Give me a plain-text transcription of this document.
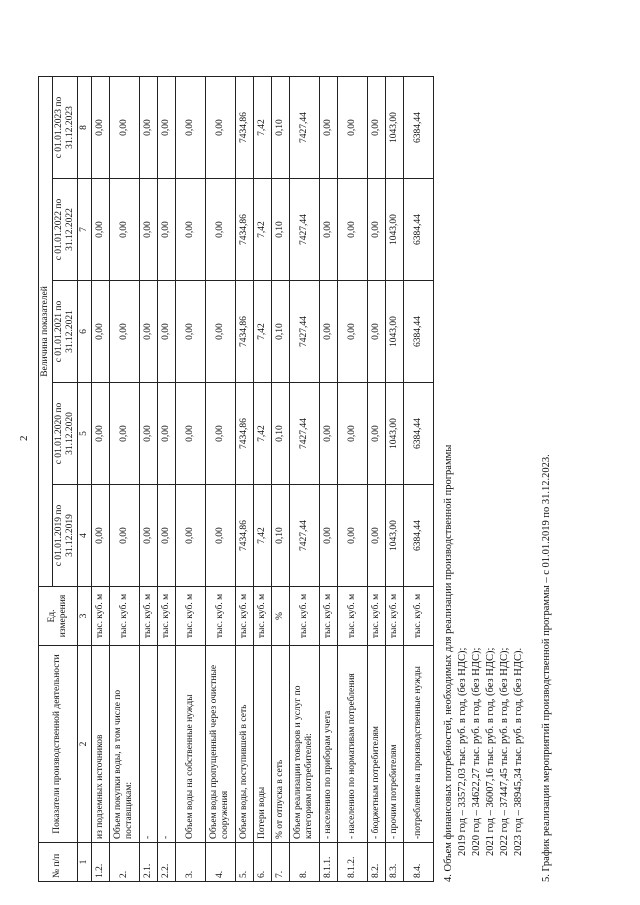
2
№ п/п	Показатели производственной деятельности	Ед. измерения	Величина показателей				
			с 01.01.2019 по 31.12.2019	с 01.01.2020 по 31.12.2020	с 01.01.2021 по 31.12.2021	с 01.01.2022 по 31.12.2022	с 01.01.2023 по 31.12.2023
1	2	3	4	5	6	7	8
1.2.	из подземных источников	тыс. куб. м	0,00	0,00	0,00	0,00	0,00
2.	Объем покупки воды, в том числе по поставщикам:	тыс. куб. м	0,00	0,00	0,00	0,00	0,00
2.1.	-	тыс. куб. м	0,00	0,00	0,00	0,00	0,00
2.2.	-	тыс. куб. м	0,00	0,00	0,00	0,00	0,00
3.	Объем воды на собственные нужды	тыс. куб. м	0,00	0,00	0,00	0,00	0,00
4.	Объем воды пропущенный через очистные сооружения	тыс. куб. м	0,00	0,00	0,00	0,00	0,00
5.	Объем воды, поступившей в сеть	тыс. куб. м	7434,86	7434,86	7434,86	7434,86	7434,86
6.	Потери воды	тыс. куб. м	7,42	7,42	7,42	7,42	7,42
7.	% от отпуска в сеть	%	0,10	0,10	0,10	0,10	0,10
8.	Объем реализации товаров и услуг по категориям потребителей:	тыс. куб. м	7427,44	7427,44	7427,44	7427,44	7427,44
8.1.1.	- населению по приборам учета	тыс. куб. м	0,00	0,00	0,00	0,00	0,00
8.1.2.	- населению по нормативам потребления	тыс. куб. м	0,00	0,00	0,00	0,00	0,00
8.2.	- бюджетным потребителям	тыс. куб. м	0,00	0,00	0,00	0,00	0,00
8.3.	- прочим потребителям	тыс. куб. м	1043,00	1043,00	1043,00	1043,00	1043,00
8.4.	-потребление на производственные нужды	тыс. куб. м	6384,44	6384,44	6384,44	6384,44	6384,44
4. Объем финансовых потребностей, необходимых для реализации производственной программы 2019 год – 33572,03 тыс. руб. в год, (без НДС); 2020 год – 34622,27 тыс. руб. в год, (без НДС); 2021 год – 36007,16 тыс. руб. в год, (без НДС); 2022 год – 37447,45 тыс. руб. в год, (без НДС); 2023 год – 38945,34 тыс. руб. в год, (без НДС). 5. График реализации мероприятий производственной программы – с 01.01.2019 по 31.12.2023.
